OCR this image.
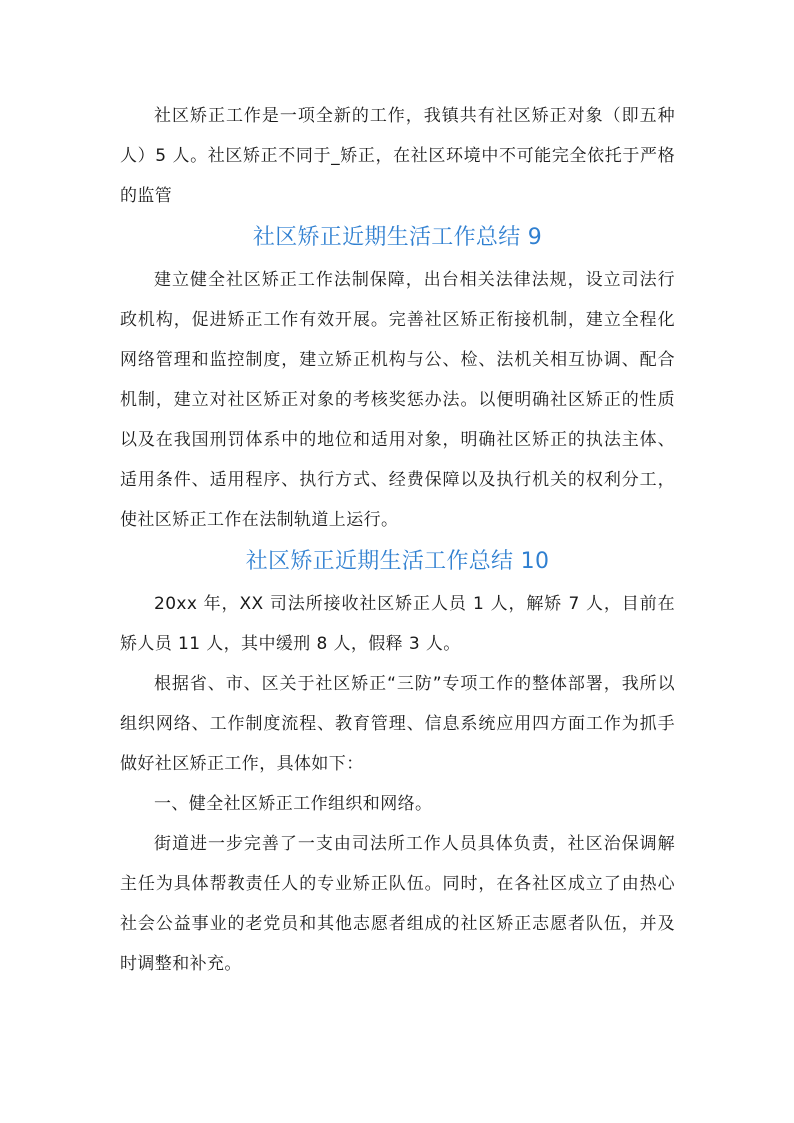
社区矫正工作是一项全新的工作，我镇共有社区矫正对象（即五种人）5 人。社区矫正不同于_矫正，在社区环境中不可能完全依托于严格的监管

社区矫正近期生活工作总结 9

建立健全社区矫正工作法制保障，出台相关法律法规，设立司法行政机构，促进矫正工作有效开展。完善社区矫正衔接机制，建立全程化网络管理和监控制度，建立矫正机构与公、检、法机关相互协调、配合机制，建立对社区矫正对象的考核奖惩办法。以便明确社区矫正的性质以及在我国刑罚体系中的地位和适用对象，明确社区矫正的执法主体、适用条件、适用程序、执行方式、经费保障以及执行机关的权利分工，使社区矫正工作在法制轨道上运行。

社区矫正近期生活工作总结 10

20xx 年，XX 司法所接收社区矫正人员 1 人，解矫 7 人，目前在矫人员 11 人，其中缓刑 8 人，假释 3 人。

根据省、市、区关于社区矫正“三防”专项工作的整体部署，我所以组织网络、工作制度流程、教育管理、信息系统应用四方面工作为抓手做好社区矫正工作，具体如下：

一、健全社区矫正工作组织和网络。

街道进一步完善了一支由司法所工作人员具体负责，社区治保调解主任为具体帮教责任人的专业矫正队伍。同时，在各社区成立了由热心社会公益事业的老党员和其他志愿者组成的社区矫正志愿者队伍，并及时调整和补充。
